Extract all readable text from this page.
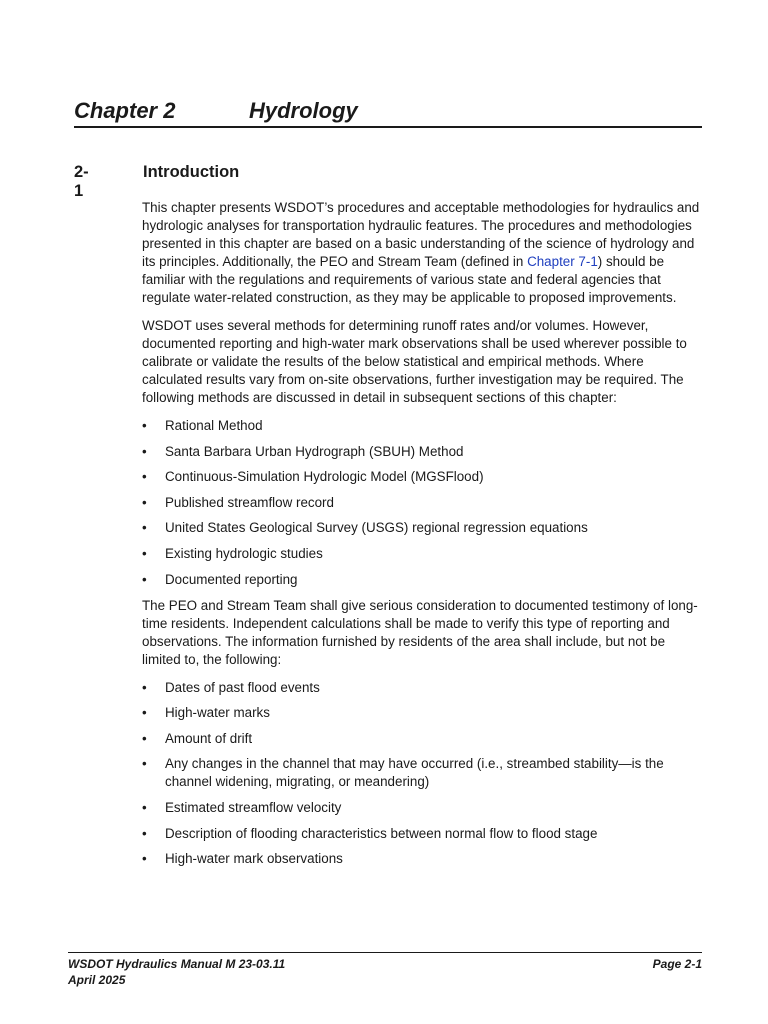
Chapter 2	Hydrology
2-1
Introduction

This chapter presents WSDOT’s procedures and acceptable methodologies for hydraulics and hydrologic analyses for transportation hydraulic features. The procedures and methodologies presented in this chapter are based on a basic understanding of the science of hydrology and its principles. Additionally, the PEO and Stream Team (defined in Chapter 7-1) should be familiar with the regulations and requirements of various state and federal agencies that regulate water-related construction, as they may be applicable to proposed improvements.

WSDOT uses several methods for determining runoff rates and/or volumes. However, documented reporting and high-water mark observations shall be used wherever possible to calibrate or validate the results of the below statistical and empirical methods. Where calculated results vary from on-site observations, further investigation may be required. The following methods are discussed in detail in subsequent sections of this chapter:

• Rational Method
• Santa Barbara Urban Hydrograph (SBUH) Method
• Continuous-Simulation Hydrologic Model (MGSFlood)
• Published streamflow record
• United States Geological Survey (USGS) regional regression equations
• Existing hydrologic studies
• Documented reporting

The PEO and Stream Team shall give serious consideration to documented testimony of long-time residents. Independent calculations shall be made to verify this type of reporting and observations. The information furnished by residents of the area shall include, but not be limited to, the following:

• Dates of past flood events
• High-water marks
• Amount of drift
• Any changes in the channel that may have occurred (i.e., streambed stability—is the channel widening, migrating, or meandering)
• Estimated streamflow velocity
• Description of flooding characteristics between normal flow to flood stage
• High-water mark observations
WSDOT Hydraulics Manual M 23-03.11
April 2025
Page 2-1
